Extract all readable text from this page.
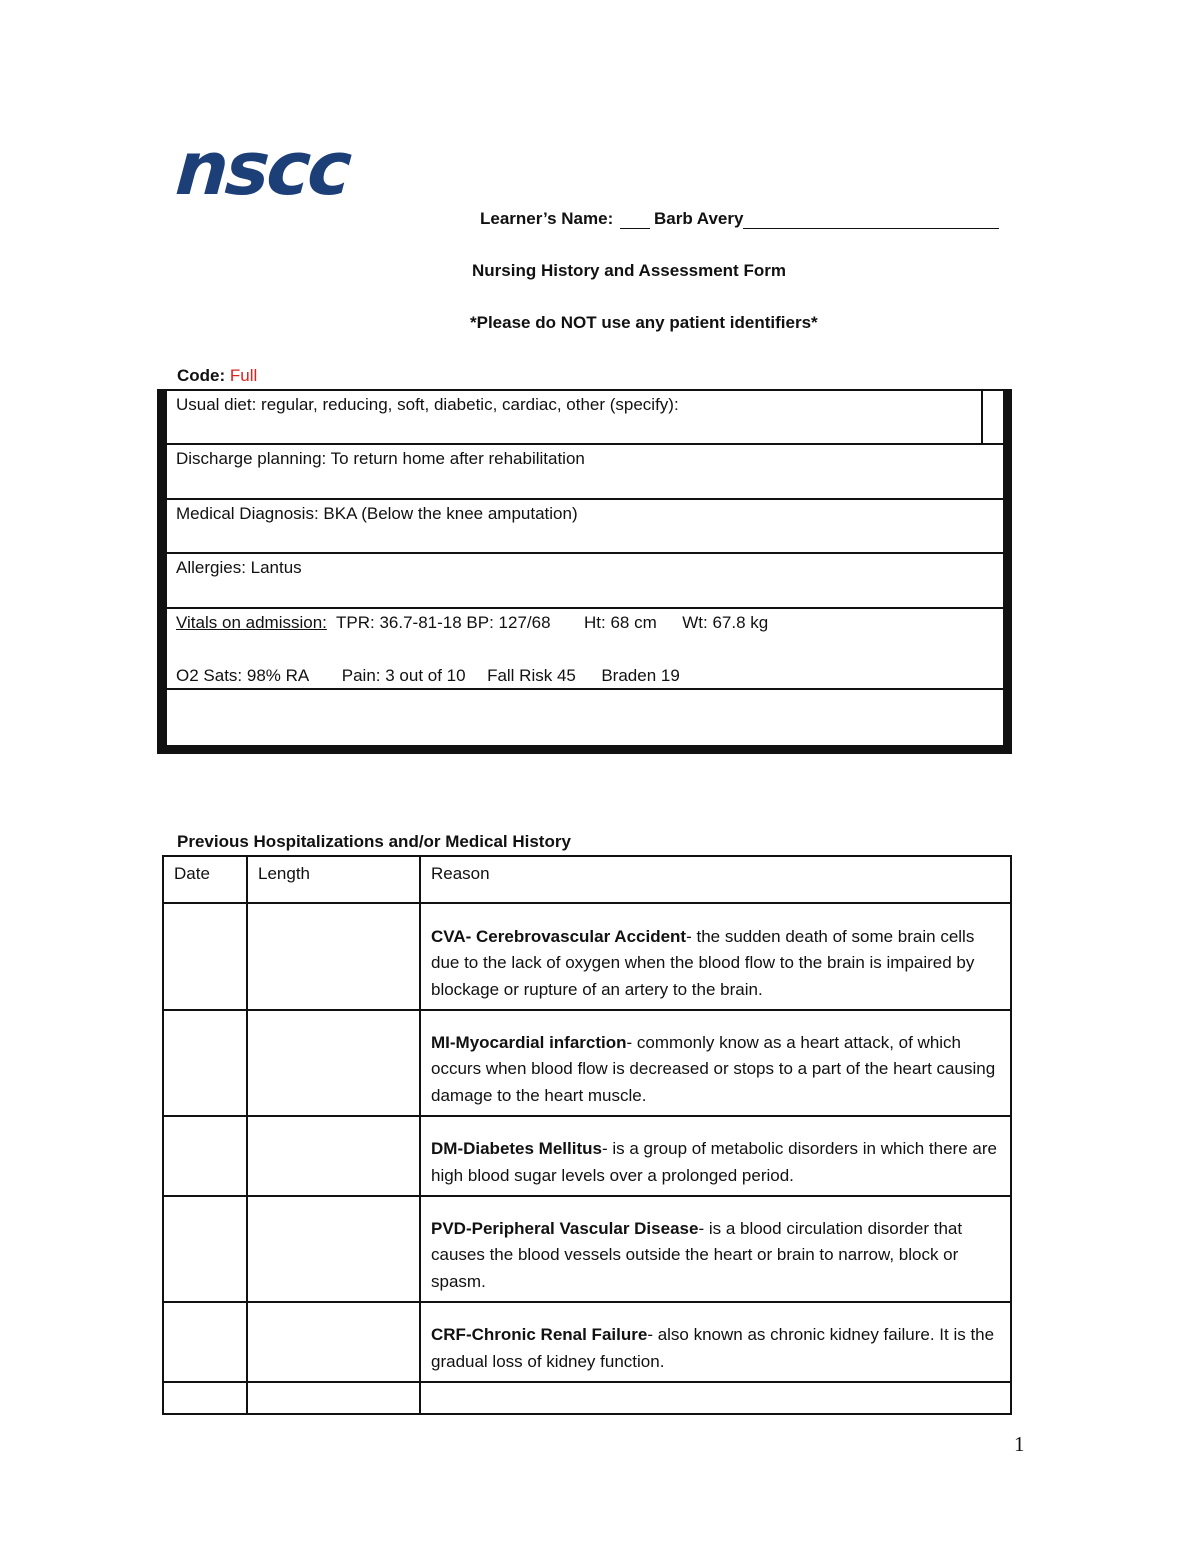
nscc
Learner’s Name: Barb Avery
Nursing History and Assessment Form
*Please do NOT use any patient identifiers*
Code: Full
Usual diet: regular, reducing, soft, diabetic, cardiac, other (specify):
Discharge planning: To return home after rehabilitation
Medical Diagnosis: BKA (Below the knee amputation)
Allergies: Lantus
Vitals on admission: TPR: 36.7-81-18 BP: 127/68 Ht: 68 cm Wt: 67.8 kg
O2 Sats: 98% RA Pain: 3 out of 10 Fall Risk 45 Braden 19
Previous Hospitalizations and/or Medical History
Date	Length	Reason
		CVA- Cerebrovascular Accident- the sudden death of some brain cells due to the lack of oxygen when the blood flow to the brain is impaired by blockage or rupture of an artery to the brain.
		MI-Myocardial infarction- commonly know as a heart attack, of which occurs when blood flow is decreased or stops to a part of the heart causing damage to the heart muscle.
		DM-Diabetes Mellitus- is a group of metabolic disorders in which there are high blood sugar levels over a prolonged period.
		PVD-Peripheral Vascular Disease- is a blood circulation disorder that causes the blood vessels outside the heart or brain to narrow, block or spasm.
		CRF-Chronic Renal Failure- also known as chronic kidney failure. It is the gradual loss of kidney function.

1
